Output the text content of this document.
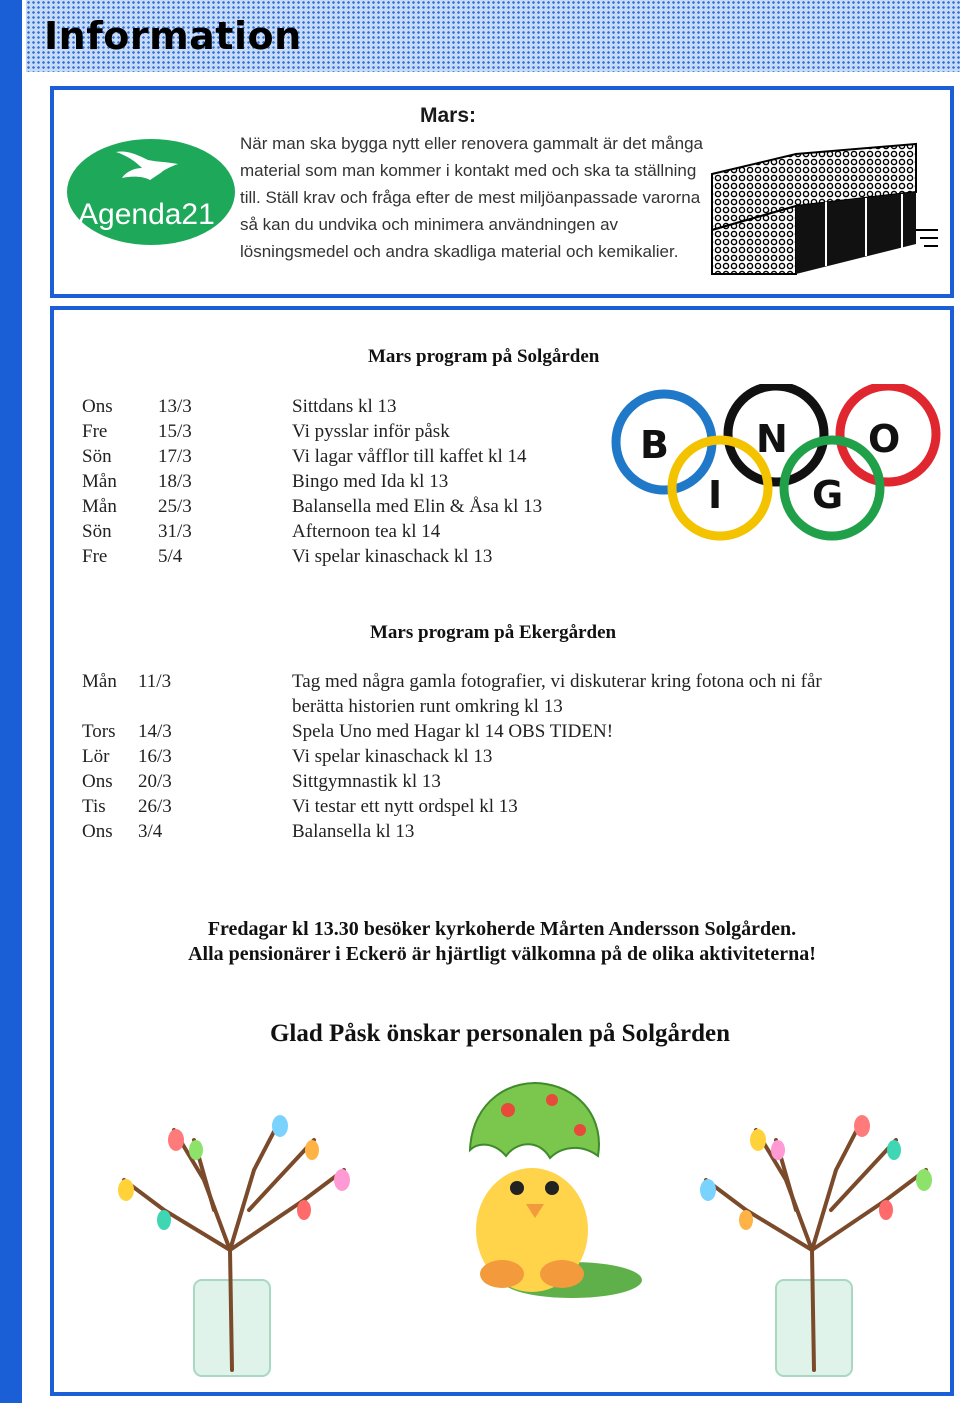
Information
Agenda21
Mars:

När man ska bygga nytt eller renovera gammalt är det många material som man kommer i kontakt med och ska ta ställning till. Ställ krav och fråga efter de mest miljöanpassade varorna så kan du undvika och minimera användningen av lösningsmedel och andra skadliga material och kemikalier.

Mars program på Solgården
Ons 13/3	Sittdans kl 13
Fre	15/3	Vi pysslar inför påsk
Sön 17/3	Vi lagar våfflor till kaffet kl 14
Mån 18/3	Bingo med Ida kl 13
Mån 25/3	Balansella med Elin & Åsa kl 13
Sön 31/3	Afternoon tea kl 14
Fre	5/4	Vi spelar kinaschack kl 13
B
I
N
G
O
Mars program på Ekergården
Mån 11/3	Tag med några gamla fotografier, vi diskuterar kring fotona och ni får berätta historien runt omkring kl 13
Tors 14/3	Spela Uno med Hagar kl 14 OBS TIDEN!
Lör 16/3	Vi spelar kinaschack kl 13
Ons 20/3	Sittgymnastik kl 13
Tis 26/3	Vi testar ett nytt ordspel kl 13
Ons 3/4	Balansella kl 13

Fredagar kl 13.30 besöker kyrkoherde Mårten Andersson Solgården.

Alla pensionärer i Eckerö är hjärtligt välkomna på de olika aktiviteterna!

Glad Påsk önskar personalen på Solgården
